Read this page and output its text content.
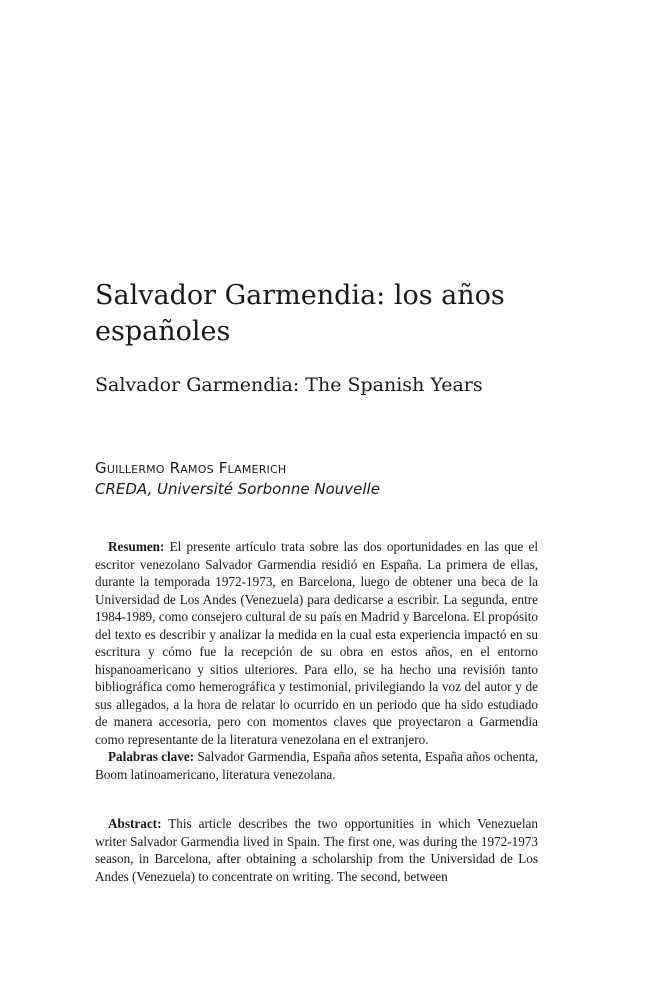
Salvador Garmendia: los años
españoles
Salvador Garmendia: The Spanish Years
Guillermo Ramos Flamerich
CREDA, Université Sorbonne Nouvelle

Resumen: El presente artículo trata sobre las dos oportunidades en las que el escritor venezolano Salvador Garmendia residió en España. La primera de ellas, durante la temporada 1972-1973, en Barcelona, luego de obtener una beca de la Universidad de Los Andes (Venezuela) para dedicarse a escribir. La segunda, entre 1984-1989, como consejero cultural de su país en Madrid y Barcelona. El propósito del texto es describir y analizar la medida en la cual esta experiencia impactó en su escritura y cómo fue la recepción de su obra en estos años, en el entorno hispanoamericano y sitios ulteriores. Para ello, se ha hecho una revisión tanto bibliográfica como hemerográfica y testimonial, privilegiando la voz del autor y de sus allegados, a la hora de relatar lo ocurrido en un periodo que ha sido estudiado de manera accesoria, pero con momentos claves que proyectaron a Garmendia como representante de la literatura venezolana en el extranjero.

Palabras clave: Salvador Garmendia, España años setenta, España años ochenta, Boom latinoamericano, literatura venezolana.

Abstract: This article describes the two opportunities in which Venezuelan writer Salvador Garmendia lived in Spain. The first one, was during the 1972-1973 season, in Barcelona, after obtaining a scholarship from the Universidad de Los Andes (Venezuela) to concentrate on writing. The second, between
